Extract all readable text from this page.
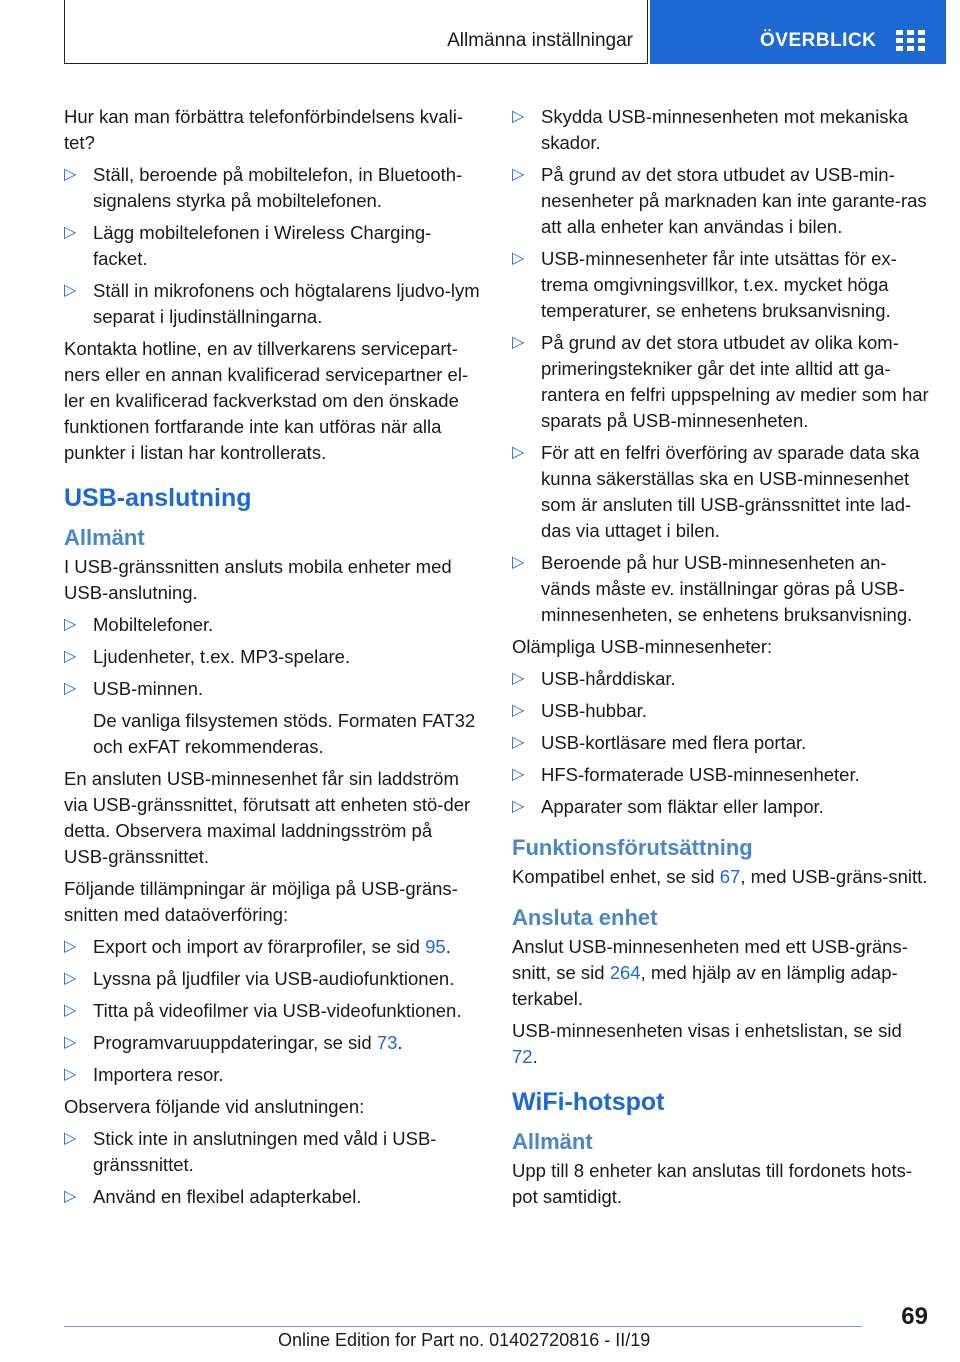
Allmänna inställningar	ÖVERBLICK

Hur kan man förbättra telefonförbindelsens kvali-tet?

▷ Ställ, beroende på mobiltelefon, in Bluetooth-signalens styrka på mobiltelefonen.
▷ Lägg mobiltelefonen i Wireless Charging-facket.
▷ Ställ in mikrofonens och högtalarens ljudvo-lym separat i ljudinställningarna.

Kontakta hotline, en av tillverkarens servicepart-ners eller en annan kvalificerad servicepartner el-ler en kvalificerad fackverkstad om den önskade funktionen fortfarande inte kan utföras när alla punkter i listan har kontrollerats.

USB-anslutning
Allmänt

I USB-gränssnitten ansluts mobila enheter med USB-anslutning.

▷ Mobiltelefoner.
▷ Ljudenheter, t.ex. MP3-spelare.
▷ USB-minnen.
De vanliga filsystemen stöds. Formaten FAT32 och exFAT rekommenderas.

En ansluten USB-minnesenhet får sin laddström via USB-gränssnittet, förutsatt att enheten stö-der detta. Observera maximal laddningsström på USB-gränssnittet.

Följande tillämpningar är möjliga på USB-gräns-snitten med dataöverföring:

▷ Export och import av förarprofiler, se sid 95.
▷ Lyssna på ljudfiler via USB-audiofunktionen.
▷ Titta på videofilmer via USB-videofunktionen.
▷ Programvaruuppdateringar, se sid 73.
▷ Importera resor.

Observera följande vid anslutningen:

▷ Stick inte in anslutningen med våld i USB-gränssnittet.
▷ Använd en flexibel adapterkabel.
▷ Skydda USB-minnesenheten mot mekaniska skador.
▷ På grund av det stora utbudet av USB-min-nesenheter på marknaden kan inte garante-ras att alla enheter kan användas i bilen.
▷ USB-minnesenheter får inte utsättas för ex-trema omgivningsvillkor, t.ex. mycket höga temperaturer, se enhetens bruksanvisning.
▷ På grund av det stora utbudet av olika kom-primeringstekniker går det inte alltid att ga-rantera en felfri uppspelning av medier som har sparats på USB-minnesenheten.
▷ För att en felfri överföring av sparade data ska kunna säkerställas ska en USB-minnesenhet som är ansluten till USB-gränssnittet inte lad-das via uttaget i bilen.
▷ Beroende på hur USB-minnesenheten an-vänds måste ev. inställningar göras på USB-minnesenheten, se enhetens bruksanvisning.

Olämpliga USB-minnesenheter:

▷ USB-hårddiskar.
▷ USB-hubbar.
▷ USB-kortläsare med flera portar.
▷ HFS-formaterade USB-minnesenheter.
▷ Apparater som fläktar eller lampor.
Funktionsförutsättning

Kompatibel enhet, se sid 67, med USB-gräns-snitt.

Ansluta enhet

Anslut USB-minnesenheten med ett USB-gräns-snitt, se sid 264, med hjälp av en lämplig adap-terkabel.

USB-minnesenheten visas i enhetslistan, se sid 72.

WiFi-hotspot
Allmänt

Upp till 8 enheter kan anslutas till fordonets hots-pot samtidigt.

69
Online Edition for Part no. 01402720816 - II/19
